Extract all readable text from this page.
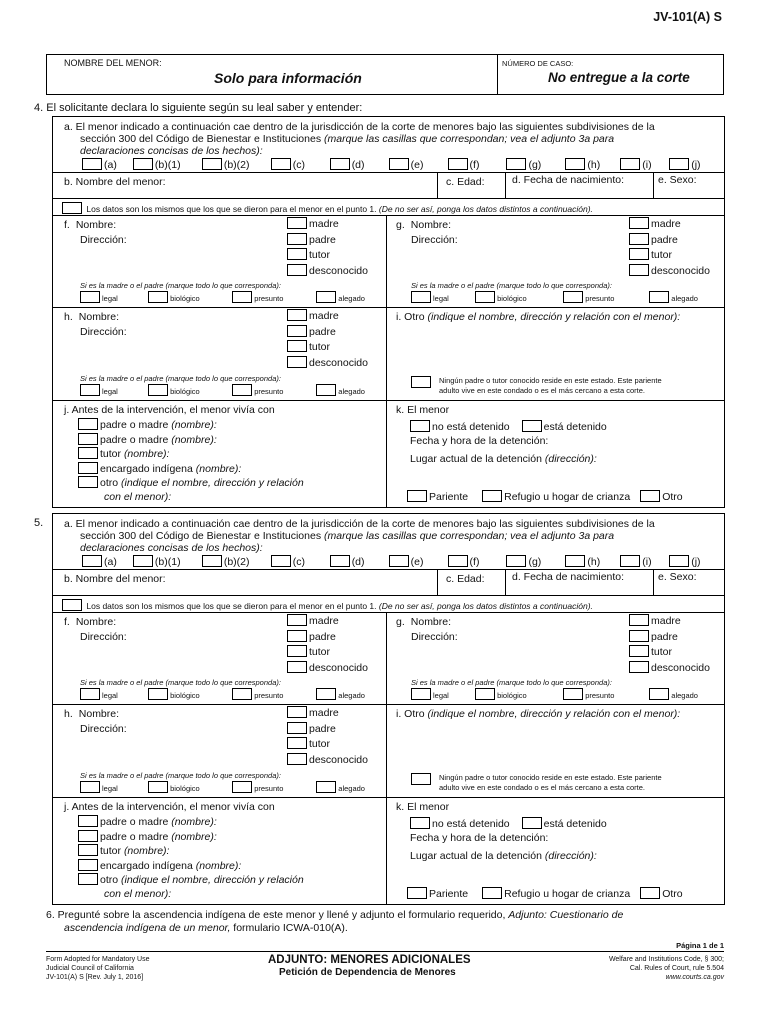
JV-101(A) S
NOMBRE DEL MENOR:
Solo para información
NÚMERO DE CASO:
No entregue a la corte
4. El solicitante declara lo siguiente según su leal saber y entender:
a. El menor indicado a continuación cae dentro de la jurisdicción de la corte de menores bajo las siguientes subdivisiones de la
sección 300 del Código de Bienestar e Instituciones (marque las casillas que correspondan; vea el adjunto 3a para
declaraciones concisas de los hechos):
(a)	(b)(1)	(b)(2)	(c)	(d)	(e)	(f)	(g)	(h)	(i)	(j)
b. Nombre del menor:	c. Edad:	d. Fecha de nacimiento:	e. Sexo:
Los datos son los mismos que los que se dieron para el menor en el punto 1. (De no ser así, ponga los datos distintos a continuación).
f. Nombre:
Dirección:
madre
padre
tutor
desconocido
Si es la madre o el padre (marque todo lo que corresponda):
legal	biológico	presunto	alegado
g. Nombre:
Dirección:
madre
padre
tutor
desconocido
Si es la madre o el padre (marque todo lo que corresponda):
legal	biológico	presunto	alegado
h. Nombre:
Dirección:
madre
padre
tutor
desconocido
Si es la madre o el padre (marque todo lo que corresponda):
legal	biológico	presunto	alegado
i. Otro (indique el nombre, dirección y relación con el menor):
Ningún padre o tutor conocido reside en este estado. Este pariente
adulto vive en este condado o es el más cercano a esta corte.
j. Antes de la intervención, el menor vivía con
padre o madre (nombre):
padre o madre (nombre):
tutor (nombre):
encargado indígena (nombre):
otro (indique el nombre, dirección y relación
con el menor):
k. El menor
no está detenido	está detenido
Fecha y hora de la detención:
Lugar actual de la detención (dirección):
Pariente	Refugio u hogar de crianza	Otro
5. a. El menor indicado a continuación cae dentro de la jurisdicción de la corte de menores bajo las siguientes subdivisiones de la
sección 300 del Código de Bienestar e Instituciones (marque las casillas que correspondan; vea el adjunto 3a para
declaraciones concisas de los hechos):
(a)	(b)(1)	(b)(2)	(c)	(d)	(e)	(f)	(g)	(h)	(i)	(j)
b. Nombre del menor:	c. Edad:	d. Fecha de nacimiento:	e. Sexo:
Los datos son los mismos que los que se dieron para el menor en el punto 1. (De no ser así, ponga los datos distintos a continuación).
f. Nombre:
Dirección:
madre
padre
tutor
desconocido
Si es la madre o el padre (marque todo lo que corresponda):
legal	biológico	presunto	alegado
g. Nombre:
Dirección:
madre
padre
tutor
desconocido
Si es la madre o el padre (marque todo lo que corresponda):
legal	biológico	presunto	alegado
h. Nombre:
Dirección:
madre
padre
tutor
desconocido
Si es la madre o el padre (marque todo lo que corresponda):
legal	biológico	presunto	alegado
i. Otro (indique el nombre, dirección y relación con el menor):
Ningún padre o tutor conocido reside en este estado. Este pariente
adulto vive en este condado o es el más cercano a esta corte.
j. Antes de la intervención, el menor vivía con
padre o madre (nombre):
padre o madre (nombre):
tutor (nombre):
encargado indígena (nombre):
otro (indique el nombre, dirección y relación
con el menor):
k. El menor
no está detenido	está detenido
Fecha y hora de la detención:
Lugar actual de la detención (dirección):
Pariente	Refugio u hogar de crianza	Otro
6. Pregunté sobre la ascendencia indígena de este menor y llené y adjunto el formulario requerido, Adjunto: Cuestionario de
ascendencia indígena de un menor, formulario ICWA-010(A).
Página 1 de 1
Form Adopted for Mandatory Use
Judicial Council of California
JV-101(A) S [Rev. July 1, 2016]
ADJUNTO: MENORES ADICIONALES
Petición de Dependencia de Menores
Welfare and Institutions Code, § 300;
Cal. Rules of Court, rule 5.504
www.courts.ca.gov
